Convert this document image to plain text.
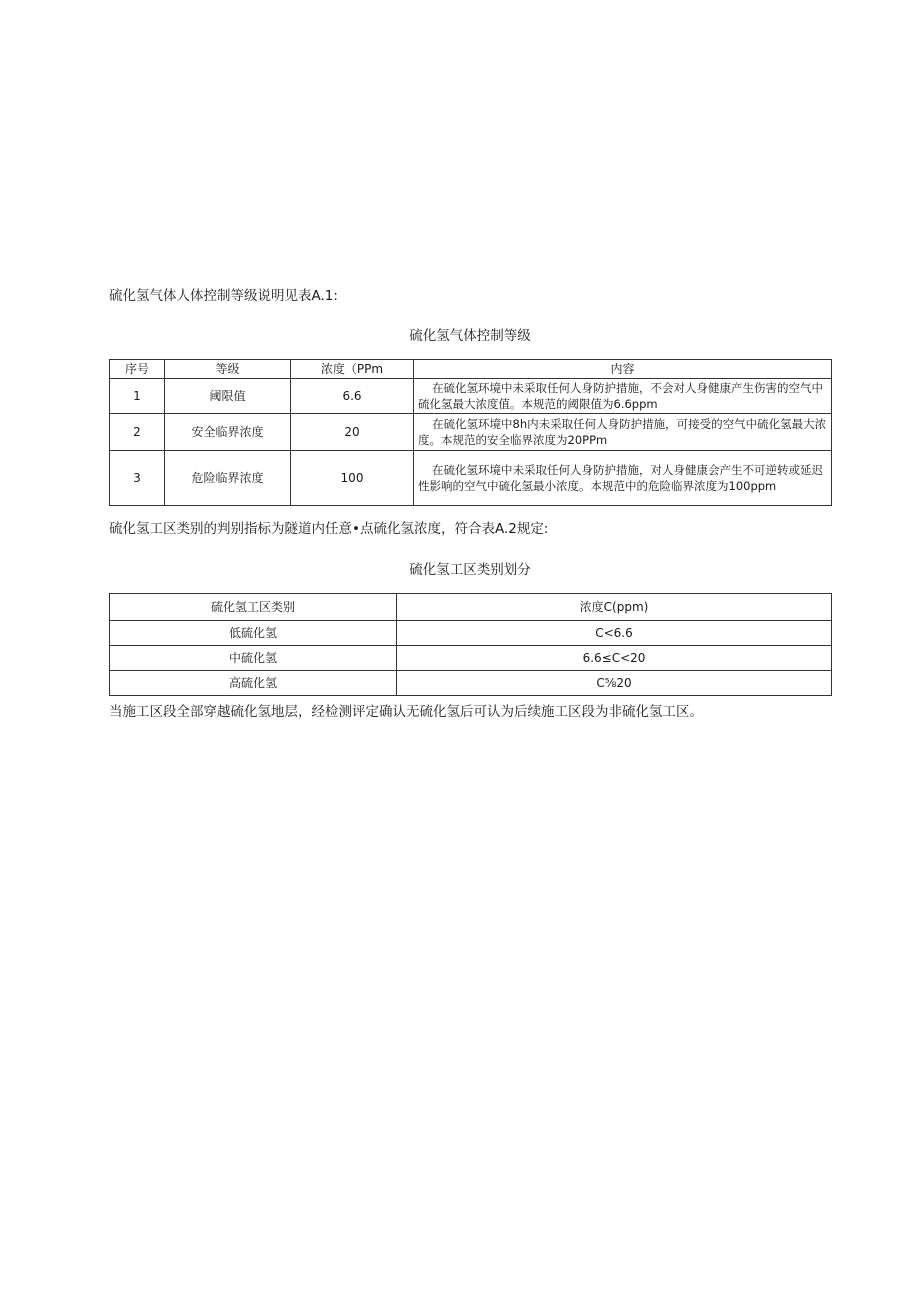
硫化氢气体人体控制等级说明见表A.1:
硫化氢气体控制等级
序号	等级	浓度（PPm	内容
1	阈限值	6.6	在硫化氢环境中未采取任何人身防护措施，不会对人身健康产生伤害的空气中硫化氢最大浓度值。本规范的阈限值为6.6ppm
2	安全临界浓度	20	在硫化氢环境中8h内未采取任何人身防护措施，可接受的空气中硫化氢最大浓度。本规范的安全临界浓度为20PPm
3	危险临界浓度	100	在硫化氢环境中未采取任何人身防护措施，对人身健康会产生不可逆转或延迟性影响的空气中硫化氢最小浓度。本规范中的危险临界浓度为100ppm
硫化氢工区类别的判别指标为隧道内任意•点硫化氢浓度，符合表A.2规定:
硫化氢工区类别划分
硫化氢工区类别	浓度C(ppm)
低硫化氢	C<6.6
中硫化氢	6.6≤C<20
高硫化氢	C⅝20
当施工区段全部穿越硫化氢地层，经检测评定确认无硫化氢后可认为后续施工区段为非硫化氢工区。
